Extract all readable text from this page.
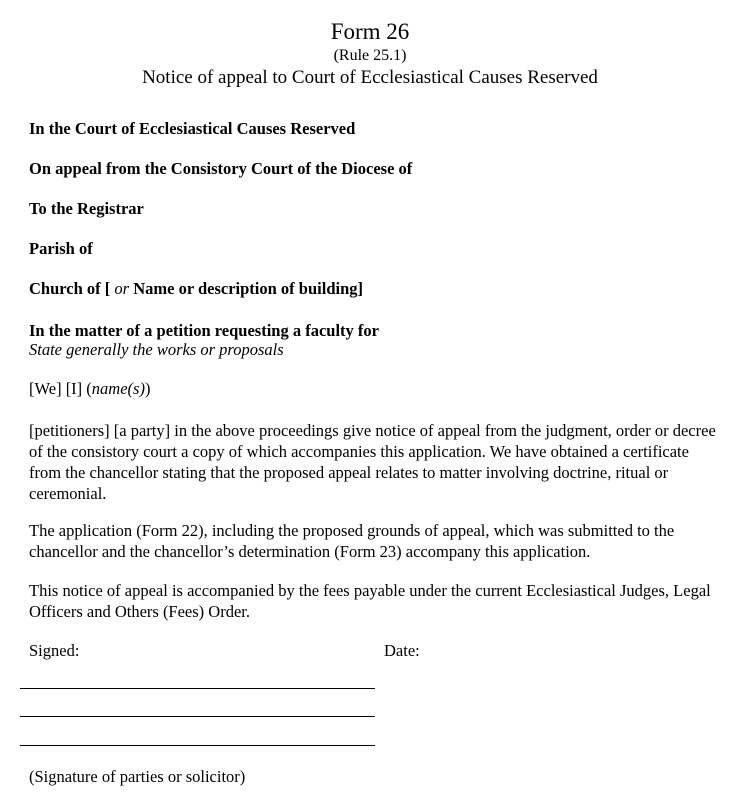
Form 26
(Rule 25.1)
Notice of appeal to Court of Ecclesiastical Causes Reserved
In the Court of Ecclesiastical Causes Reserved
On appeal from the Consistory Court of the Diocese of
To the Registrar
Parish of
Church of [ or Name or description of building]
In the matter of a petition requesting a faculty for
State generally the works or proposals
[We] [I] (name(s))
[petitioners] [a party] in the above proceedings give notice of appeal from the judgment, order or decree of the consistory court a copy of which accompanies this application. We have obtained a certificate from the chancellor stating that the proposed appeal relates to matter involving doctrine, ritual or ceremonial.
The application (Form 22), including the proposed grounds of appeal, which was submitted to the chancellor and the chancellor’s determination (Form 23) accompany this application.
This notice of appeal is accompanied by the fees payable under the current Ecclesiastical Judges, Legal Officers and Others (Fees) Order.
Signed:	Date:
(Signature of parties or solicitor)
